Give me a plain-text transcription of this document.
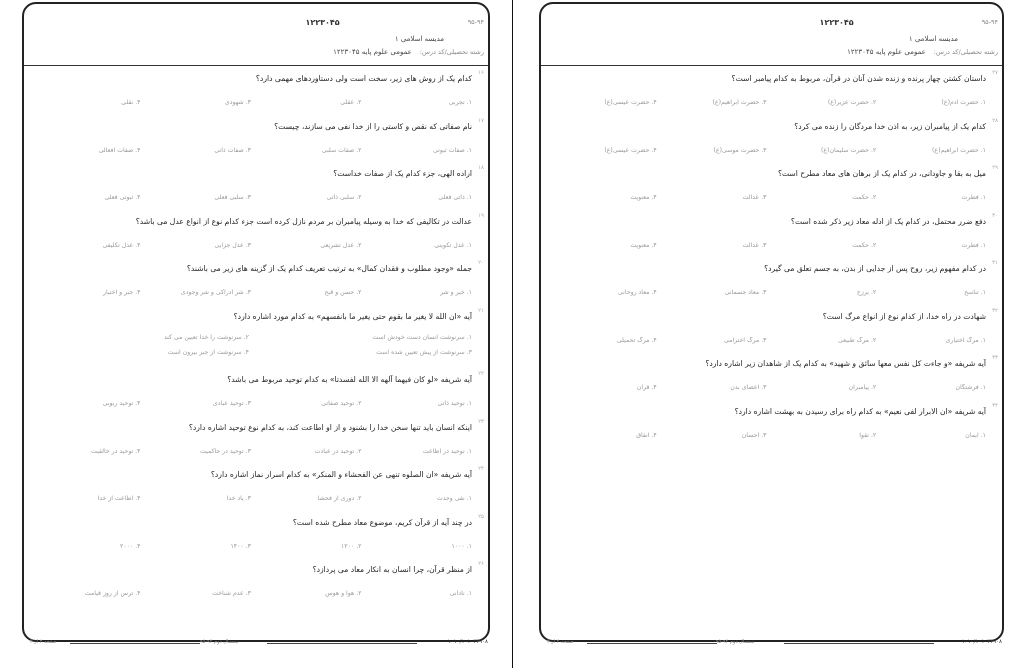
۹۵-۹۴
۱۲۲۳۰۴۵
مدیسه اسلامی ۱
رشته تحصیلی/کد درس:
عمومی علوم پایه ۱۲۲۳۰۴۵
۱۶
کدام یک از روش های زیر، سخت است ولی دستاوردهای مهمی دارد؟
۱. تجربی
۲. عقلی
۳. شهودی
۴. نقلی
۱۷
نام صفاتی که نقص و کاستی را از خدا نفی می سازند، چیست؟
۱. صفات ثبوتی
۲. صفات سلبی
۳. صفات ذاتی
۴. صفات افعالی
۱۸
اراده الهی، جزء کدام یک از صفات خداست؟
۱. ذاتی فعلی
۲. سلبی ذاتی
۳. سلبی فعلی
۴. ثبوتی فعلی
۱۹
عدالت در تکالیفی که خدا به وسیله پیامبران بر مردم نازل کرده است جزء کدام نوع از انواع عدل می باشد؟
۱. عدل تکوینی
۲. عدل تشریعی
۳. عدل جزایی
۴. عدل تکلیفی
۲۰
جمله «وجود مطلوب و فقدان کمال» به ترتیب تعریف کدام یک از گزینه های زیر می باشند؟
۱. خیر و شر
۲. حسن و قبح
۳. شر ادراکی و شر وجودی
۴. جبر و اختیار
۲۱
آیه «ان الله لا یغیر ما بقوم حتی یغیر ما بانفسهم» به کدام مورد اشاره دارد؟
۱. سرنوشت انسان دست خودش است
۲. سرنوشت را خدا تعیین می کند
۳. سرنوشت از پیش تعیین شده است
۴. سرنوشت از جبر بیرون است
۲۲
آیه شریفه «لو کان فیهما آلهه الا الله لفسدتا» به کدام توحید مربوط می باشد؟
۱. توحید ذاتی
۲. توحید صفاتی
۳. توحید عبادی
۴. توحید ربوبی
۲۳
اینکه انسان باید تنها سخن خدا را بشنود و از او اطاعت کند، به کدام نوع توحید اشاره دارد؟
۱. توحید در اطاعت
۲. توحید در عبادت
۳. توحید در حاکمیت
۴. توحید در خالقیت
۲۴
آیه شریفه «ان الصلوه تنهی عن الفحشاء و المنکر» به کدام اسرار نماز اشاره دارد؟
۱. نفی وحدت
۲. دوری از فحشا
۳. یاد خدا
۴. اطاعت از خدا
۲۵
در چند آیه از قرآن کریم، موضوع معاد مطرح شده است؟
۱. ۱۰۰۰
۲. ۱۲۰۰
۳. ۱۴۰۰
۴. ۲۰۰۰
۲۶
از منظر قرآن، چرا انسان به انکار معاد می پردازد؟
۱. نادانی
۲. هوا و هوس
۳. عدم شناخت
۴. ترس از روز قیامت
صفحه ۳ از ۴	نیمسال دوم ۹۴-۹۵	۱۰۱۰/۱۰۱۰۴۳۹۰۸
۹۵-۹۴
۱۲۲۳۰۴۵
مدیسه اسلامی ۱
رشته تحصیلی/کد درس:
عمومی علوم پایه ۱۲۲۳۰۴۵
۲۷
داستان کشتن چهار پرنده و زنده شدن آنان در قرآن، مربوط به کدام پیامبر است؟
۱. حضرت آدم(ع)
۲. حضرت عزیر(ع)
۳. حضرت ابراهیم(ع)
۴. حضرت عیسی(ع)
۲۸
کدام یک از پیامبران زیر، به اذن خدا مردگان را زنده می کرد؟
۱. حضرت ابراهیم(ع)
۲. حضرت سلیمان(ع)
۳. حضرت موسی(ع)
۴. حضرت عیسی(ع)
۲۹
میل به بقا و جاودانی، در کدام یک از برهان های معاد مطرح است؟
۱. فطرت
۲. حکمت
۳. عدالت
۴. معنویت
۳۰
دفع ضرر محتمل، در کدام یک از ادله معاد زیر ذکر شده است؟
۱. فطرت
۲. حکمت
۳. عدالت
۴. معنویت
۳۱
در کدام مفهوم زیر، روح پس از جدایی از بدن، به جسم تعلق می گیرد؟
۱. تناسخ
۲. برزخ
۳. معاد جسمانی
۴. معاد روحانی
۳۲
شهادت در راه خدا، از کدام نوع از انواع مرگ است؟
۱. مرگ اختیاری
۲. مرگ طبیعی
۳. مرگ اخترامی
۴. مرگ تحمیلی
۳۳
آیه شریفه «و جاءت کل نفس معها سائق و شهید» به کدام یک از شاهدان زیر اشاره دارد؟
۱. فرشتگان
۲. پیامبران
۳. اعضای بدن
۴. قرآن
۳۴
آیه شریفه «ان الابرار لفی نعیم» به کدام راه برای رسیدن به بهشت اشاره دارد؟
۱. ایمان
۲. تقوا
۳. احسان
۴. انفاق
صفحه ۴ از ۴	نیمسال دوم ۹۴-۹۵	۱۰۱۰/۱۰۱۰۴۳۹۰۸
